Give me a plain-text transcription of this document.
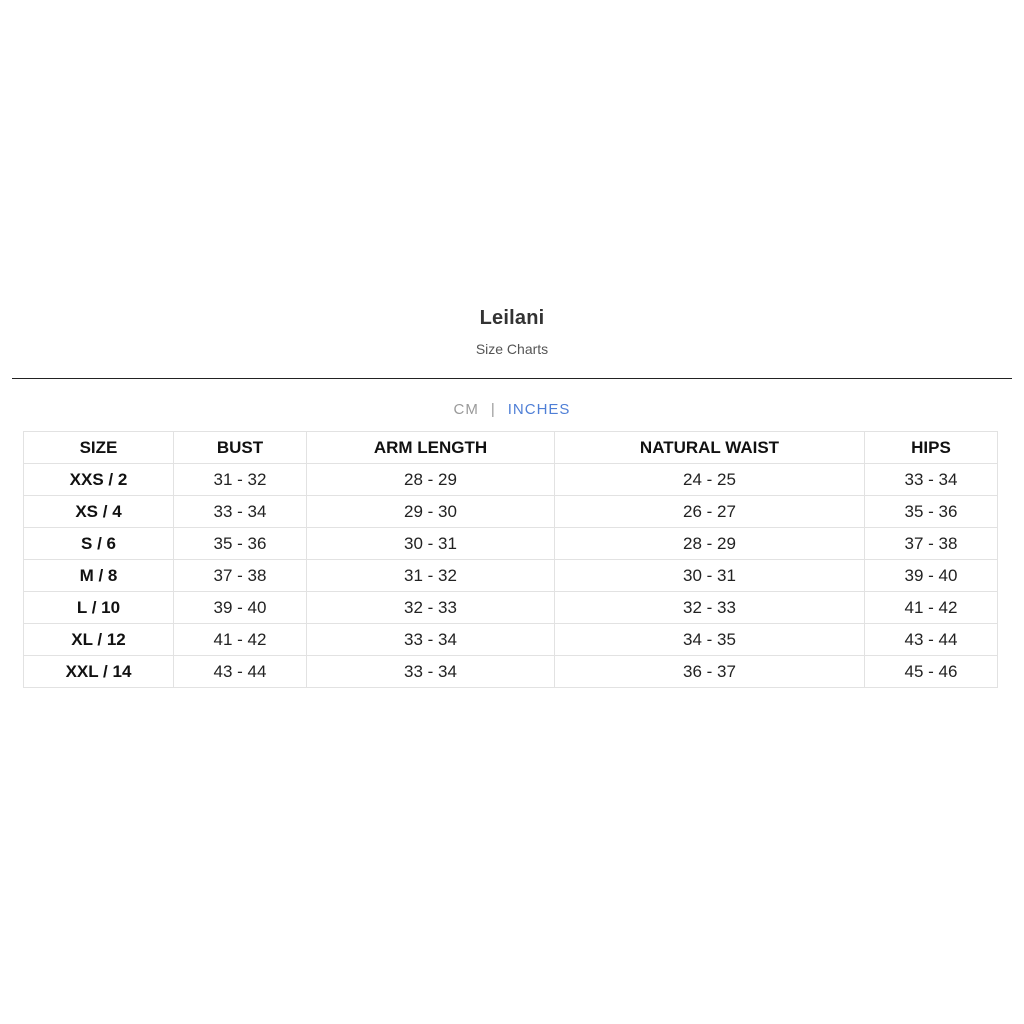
Leilani
Size Charts
CM | INCHES
SIZE	BUST	ARM LENGTH	NATURAL WAIST	HIPS
XXS / 2	31 - 32	28 - 29	24 - 25	33 - 34
XS / 4	33 - 34	29 - 30	26 - 27	35 - 36
S / 6	35 - 36	30 - 31	28 - 29	37 - 38
M / 8	37 - 38	31 - 32	30 - 31	39 - 40
L / 10	39 - 40	32 - 33	32 - 33	41 - 42
XL / 12	41 - 42	33 - 34	34 - 35	43 - 44
XXL / 14	43 - 44	33 - 34	36 - 37	45 - 46
